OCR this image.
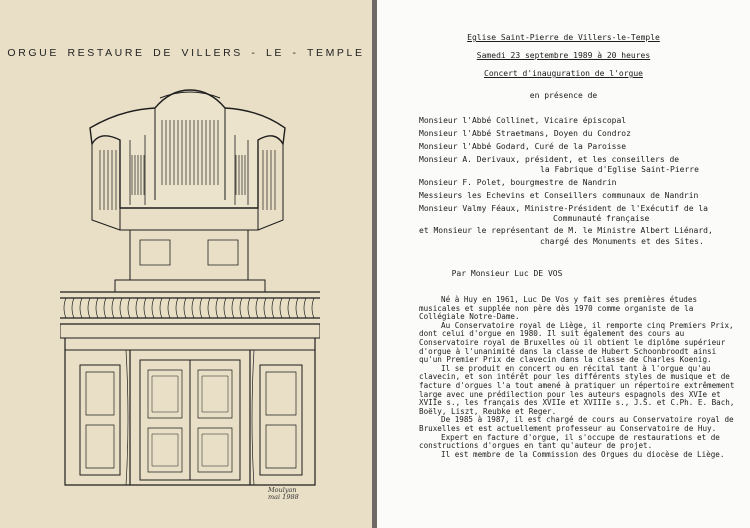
ORGUE RESTAURE DE VILLERS - LE - TEMPLE
Moulyan
mai 1988
Eglise Saint-Pierre de Villers-le-Temple
Samedi 23 septembre 1989 à 20 heures
Concert d'inauguration de l'orgue
en présence de
Monsieur l'Abbé Collinet, Vicaire épiscopal
Monsieur l'Abbé Straetmans, Doyen du Condroz
Monsieur l'Abbé Godard, Curé de la Paroisse
Monsieur A. Derivaux, président, et les conseillers de
la Fabrique d'Eglise Saint-Pierre
Monsieur F. Polet, bourgmestre de Nandrin
Messieurs les Echevins et Conseillers communaux de Nandrin
Monsieur Valmy Féaux, Ministre-Président de l'Exécutif de la
Communauté française
et Monsieur le représentant de M. le Ministre Albert Liénard,
chargé des Monuments et des Sites.
Par Monsieur Luc DE VOS

Né à Huy en 1961, Luc De Vos y fait ses premières études musicales et supplée non père dès 1970 comme organiste de la Collégiale Notre-Dame.

Au Conservatoire royal de Liège, il remporte cinq Premiers Prix, dont celui d'orgue en 1980. Il suit également des cours au Conservatoire royal de Bruxelles où il obtient le diplôme supérieur d'orgue à l'unanimité dans la classe de Hubert Schoonbroodt ainsi qu'un Premier Prix de clavecin dans la classe de Charles Koenig.

Il se produit en concert ou en récital tant à l'orgue qu'au clavecin, et son intérêt pour les différents styles de musique et de facture d'orgues l'a tout amené à pratiquer un répertoire extrêmement large avec une prédilection pour les auteurs espagnols des XVIe et XVIIe s., les français des XVIIe et XVIIIe s., J.S. et C.Ph. E. Bach, Boëly, Liszt, Reubke et Reger.

De 1985 à 1987, il est chargé de cours au Conservatoire royal de Bruxelles et est actuellement professeur au Conservatoire de Huy.

Expert en facture d'orgue, il s'occupe de restaurations et de constructions d'orgues en tant qu'auteur de projet.

Il est membre de la Commission des Orgues du diocèse de Liège.
